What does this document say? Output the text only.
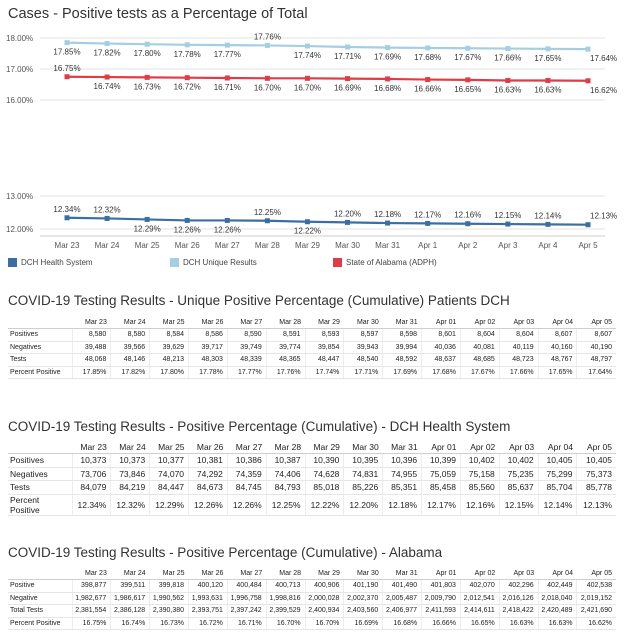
Cases - Positive tests as a Percentage of Total
12.00%
13.00%
16.00%
17.00%
18.00%
Mar 23 Mar 24 Mar 25 Mar 26 Mar 27 Mar 28 Mar 29 Mar 30 Mar 31 Apr 1	Apr 2	Apr 3	Apr 4	Apr 5
12.34% 12.32%
12.29% 12.26% 12.26%
12.25%
12.22%
12.20% 12.18% 12.17% 12.16% 12.15% 12.14%	12.13%
17.85% 17.82% 17.80% 17.78% 17.77%
17.76%
17.74% 17.71% 17.69% 17.68% 17.67% 17.66% 17.65%	17.64%
16.75%
16.74% 16.73% 16.72% 16.71% 16.70% 16.70% 16.69% 16.68% 16.66% 16.65% 16.63% 16.63%	16.62%
DCH Health System	DCH Unique Results	State of Alabama (ADPH)
COVID-19 Testing Results - Unique Positive Percentage (Cumulative) Patients DCH
	Mar 23	Mar 24	Mar 25	Mar 26	Mar 27	Mar 28	Mar 29	Mar 30	Mar 31	Apr 01	Apr 02	Apr 03	Apr 04	Apr 05
Positives	8,580	8,580	8,584	8,586	8,590	8,591	8,593	8,597	8,598	8,601	8,604	8,604	8,607	8,607
Negatives	39,488	39,566	39,629	39,717	39,749	39,774	39,854	39,943	39,994	40,036	40,081	40,119	40,160	40,190
Tests	48,068	48,146	48,213	48,303	48,339	48,365	48,447	48,540	48,592	48,637	48,685	48,723	48,767	48,797
Percent Positive	17.85%	17.82%	17.80%	17.78%	17.77%	17.76%	17.74%	17.71%	17.69%	17.68%	17.67%	17.66%	17.65%	17.64%
COVID-19 Testing Results - Positive Percentage (Cumulative) - DCH Health System
	Mar 23	Mar 24	Mar 25	Mar 26	Mar 27	Mar 28	Mar 29	Mar 30	Mar 31	Apr 01	Apr 02	Apr 03	Apr 04	Apr 05
Positives	10,373	10,373	10,377	10,381	10,386	10,387	10,390	10,395	10,396	10,399	10,402	10,402	10,405	10,405
Negatives	73,706	73,846	74,070	74,292	74,359	74,406	74,628	74,831	74,955	75,059	75,158	75,235	75,299	75,373
Tests	84,079	84,219	84,447	84,673	84,745	84,793	85,018	85,226	85,351	85,458	85,560	85,637	85,704	85,778
Percent Positive	12.34%	12.32%	12.29%	12.26%	12.26%	12.25%	12.22%	12.20%	12.18%	12.17%	12.16%	12.15%	12.14%	12.13%
COVID-19 Testing Results - Positive Percentage (Cumulative) - Alabama
	Mar 23	Mar 24	Mar 25	Mar 26	Mar 27	Mar 28	Mar 29	Mar 30	Mar 31	Apr 01	Apr 02	Apr 03	Apr 04	Apr 05
Positive	398,877	399,511	399,818	400,120	400,484	400,713	400,906	401,190	401,490	401,803	402,070	402,296	402,449	402,538
Negative	1,982,677	1,986,617	1,990,562	1,993,631	1,996,758	1,998,816	2,000,028	2,002,370	2,005,487	2,009,790	2,012,541	2,016,126	2,018,040	2,019,152
Total Tests	2,381,554	2,386,128	2,390,380	2,393,751	2,397,242	2,399,529	2,400,934	2,403,560	2,406,977	2,411,593	2,414,611	2,418,422	2,420,489	2,421,690
Percent Positive	16.75%	16.74%	16.73%	16.72%	16.71%	16.70%	16.70%	16.69%	16.68%	16.66%	16.65%	16.63%	16.63%	16.62%
